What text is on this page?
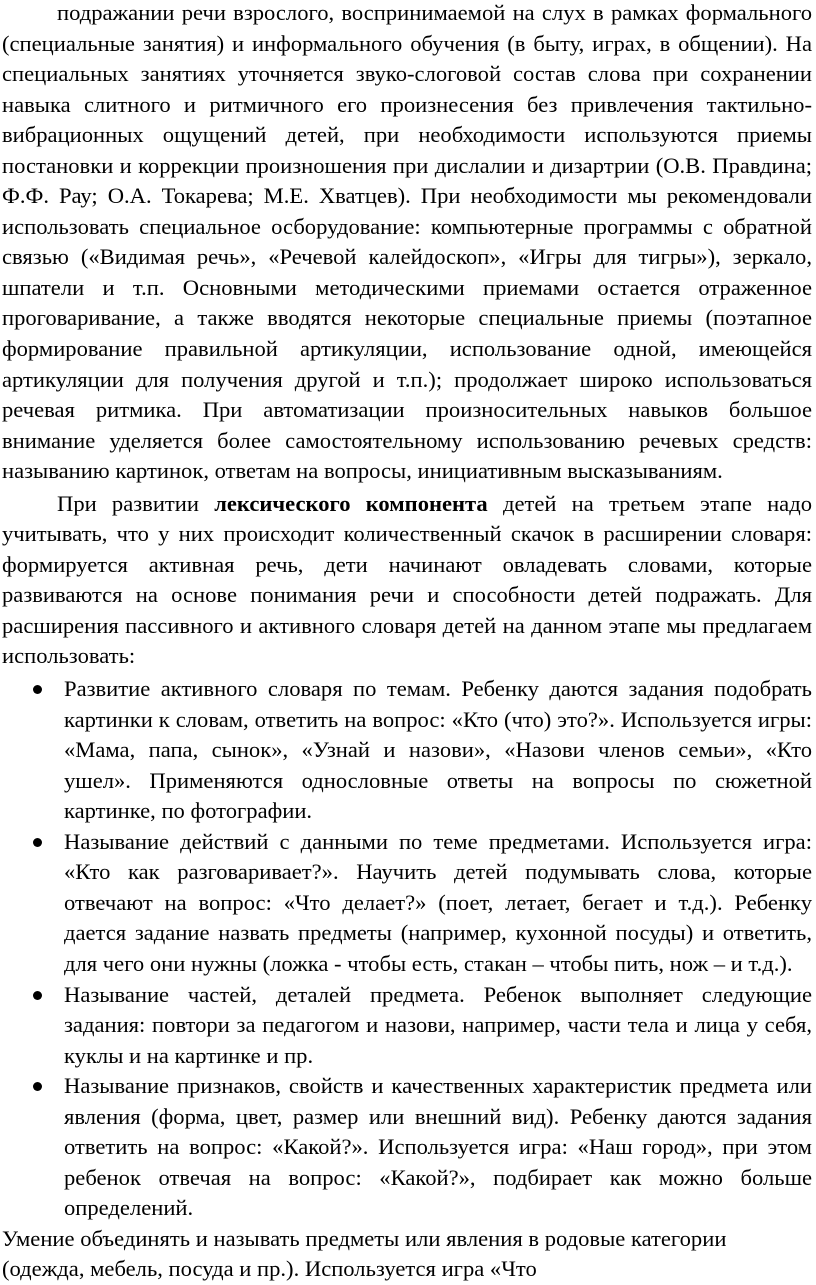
подражании речи взрослого, воспринимаемой на слух в рамках формального (специальные занятия) и информального обучения (в быту, играх, в общении). На специальных занятиях уточняется звуко-слоговой состав слова при сохранении навыка слитного и ритмичного его произнесения без привлечения тактильно-вибрационных ощущений детей, при необходимости используются приемы постановки и коррекции произношения при дислалии и дизартрии (О.В. Правдина; Ф.Ф. Рау; О.А. Токарева; М.Е. Хватцев). При необходимости мы рекомендовали использовать специальное осборудование: компьютерные программы с обратной связью («Видимая речь», «Речевой калейдоскоп», «Игры для тигры»), зеркало, шпатели и т.п. Основными методическими приемами остается отраженное проговаривание, а также вводятся некоторые специальные приемы (поэтапное формирование правильной артикуляции, использование одной, имеющейся артикуляции для получения другой и т.п.); продолжает широко использоваться речевая ритмика. При автоматизации произносительных навыков большое внимание уделяется более самостоятельному использованию речевых средств: называнию картинок, ответам на вопросы, инициативным высказываниям.

При развитии лексического компонента детей на третьем этапе надо учитывать, что у них происходит количественный скачок в расширении словаря: формируется активная речь, дети начинают овладевать словами, которые развиваются на основе понимания речи и способности детей подражать. Для расширения пассивного и активного словаря детей на данном этапе мы предлагаем использовать:

Развитие активного словаря по темам. Ребенку даются задания подобрать картинки к словам, ответить на вопрос: «Кто (что) это?». Используется игры: «Мама, папа, сынок», «Узнай и назови», «Назови членов семьи», «Кто ушел». Применяются однословные ответы на вопросы по сюжетной картинке, по фотографии.

Называние действий с данными по теме предметами. Используется игра: «Кто как разговаривает?». Научить детей подумывать слова, которые отвечают на вопрос: «Что делает?» (поет, летает, бегает и т.д.). Ребенку дается задание назвать предметы (например, кухонной посуды) и ответить, для чего они нужны (ложка - чтобы есть, стакан – чтобы пить, нож – и т.д.).

Называние частей, деталей предмета. Ребенок выполняет следующие задания: повтори за педагогом и назови, например, части тела и лица у себя, куклы и на картинке и пр.

Называние признаков, свойств и качественных характеристик предмета или явления (форма, цвет, размер или внешний вид). Ребенку даются задания ответить на вопрос: «Какой?». Используется игра: «Наш город», при этом ребенок отвечая на вопрос: «Какой?», подбирает как можно больше определений.

Умение объединять и называть предметы или явления в родовые категории (одежда, мебель, посуда и пр.). Используется игра «Что
